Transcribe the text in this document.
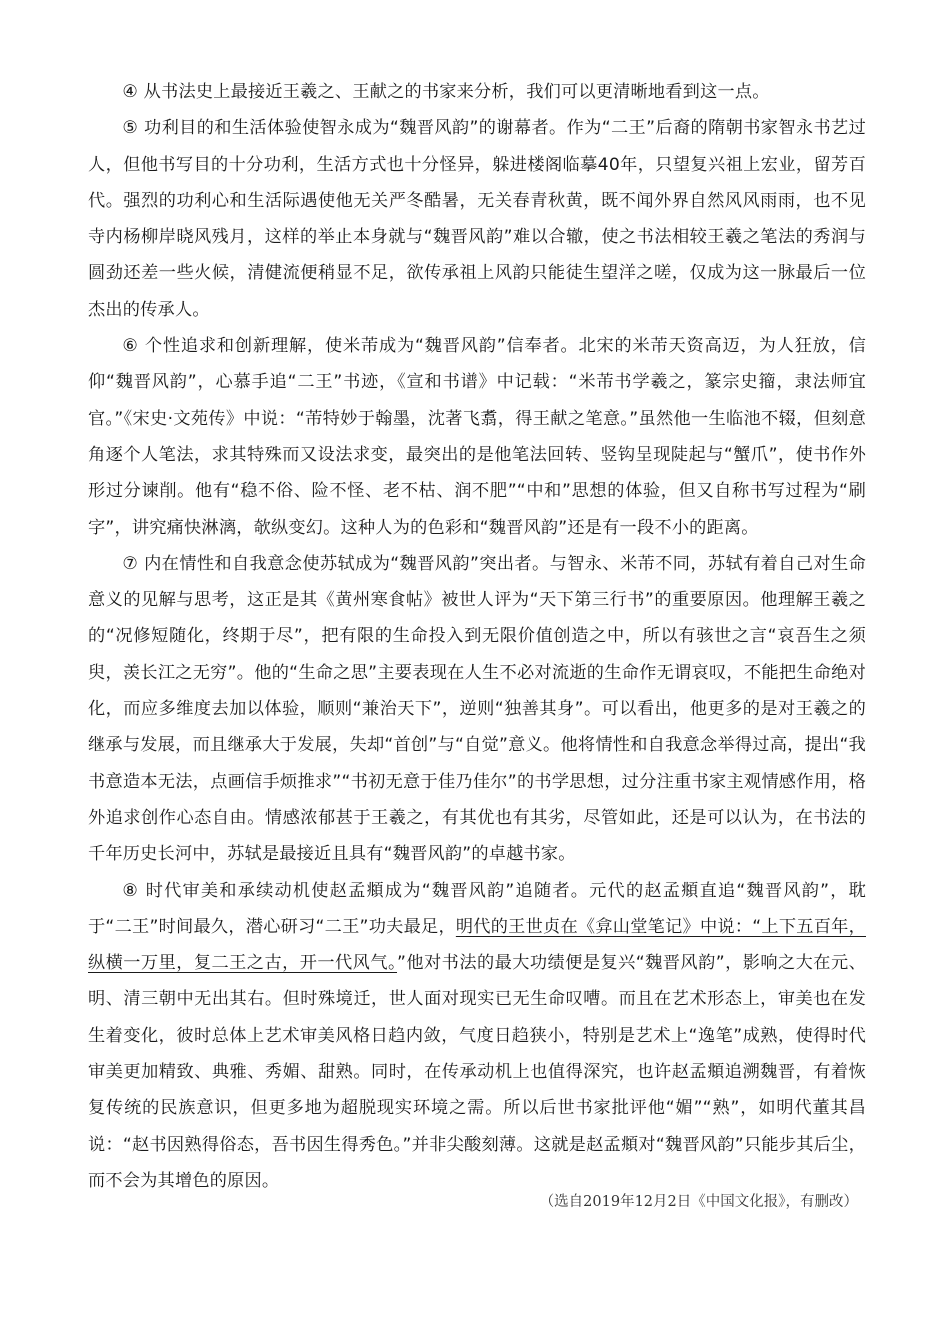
④ 从书法史上最接近王羲之、王献之的书家来分析，我们可以更清晰地看到这一点。

⑤ 功利目的和生活体验使智永成为“魏晋风韵”的谢幕者。作为“二王”后裔的隋朝书家智永书艺过人，但他书写目的十分功利，生活方式也十分怪异，躲进楼阁临摹40年，只望复兴祖上宏业，留芳百代。强烈的功利心和生活际遇使他无关严冬酷暑，无关春青秋黄，既不闻外界自然风风雨雨，也不见寺内杨柳岸晓风残月，这样的举止本身就与“魏晋风韵”难以合辙，使之书法相较王羲之笔法的秀润与圆劲还差一些火候，清健流便稍显不足，欲传承祖上风韵只能徒生望洋之嗟，仅成为这一脉最后一位杰出的传承人。

⑥ 个性追求和创新理解，使米芾成为“魏晋风韵”信奉者。北宋的米芾天资高迈，为人狂放，信仰“魏晋风韵”，心慕手追“二王”书迹，《宣和书谱》中记载：“米芾书学羲之，篆宗史籀，隶法师宜官。”《宋史·文苑传》中说：“芾特妙于翰墨，沈著飞翥，得王献之笔意。”虽然他一生临池不辍，但刻意角逐个人笔法，求其特殊而又设法求变，最突出的是他笔法回转、竖钩呈现陡起与“蟹爪”，使书作外形过分谏削。他有“稳不俗、险不怪、老不枯、润不肥”“中和”思想的体验，但又自称书写过程为“刷字”，讲究痛快淋漓，欹纵变幻。这种人为的色彩和“魏晋风韵”还是有一段不小的距离。

⑦ 内在情性和自我意念使苏轼成为“魏晋风韵”突出者。与智永、米芾不同，苏轼有着自己对生命意义的见解与思考，这正是其《黄州寒食帖》被世人评为“天下第三行书”的重要原因。他理解王羲之的“况修短随化，终期于尽”，把有限的生命投入到无限价值创造之中，所以有骇世之言“哀吾生之须臾，羡长江之无穷”。他的“生命之思”主要表现在人生不必对流逝的生命作无谓哀叹，不能把生命绝对化，而应多维度去加以体验，顺则“兼治天下”，逆则“独善其身”。可以看出，他更多的是对王羲之的继承与发展，而且继承大于发展，失却“首创”与“自觉”意义。他将情性和自我意念举得过高，提出“我书意造本无法，点画信手烦推求”“书初无意于佳乃佳尔”的书学思想，过分注重书家主观情感作用，格外追求创作心态自由。情感浓郁甚于王羲之，有其优也有其劣，尽管如此，还是可以认为，在书法的千年历史长河中，苏轼是最接近且具有“魏晋风韵”的卓越书家。

⑧ 时代审美和承续动机使赵孟頫成为“魏晋风韵”追随者。元代的赵孟頫直追“魏晋风韵”，耽于“二王”时间最久，潜心研习“二王”功夫最足，明代的王世贞在《弇山堂笔记》中说：“上下五百年，纵横一万里，复二王之古，开一代风气。”他对书法的最大功绩便是复兴“魏晋风韵”，影响之大在元、明、清三朝中无出其右。但时殊境迁，世人面对现实已无生命叹嘈。而且在艺术形态上，审美也在发生着变化，彼时总体上艺术审美风格日趋内敛，气度日趋狭小，特别是艺术上“逸笔”成熟，使得时代审美更加精致、典雅、秀媚、甜熟。同时，在传承动机上也值得深究，也许赵孟頫追溯魏晋，有着恢复传统的民族意识，但更多地为超脱现实环境之需。所以后世书家批评他“媚”“熟”，如明代董其昌说：“赵书因熟得俗态，吾书因生得秀色。”并非尖酸刻薄。这就是赵孟頫对“魏晋风韵”只能步其后尘，而不会为其增色的原因。

（选自2019年12月2日《中国文化报》，有删改）
